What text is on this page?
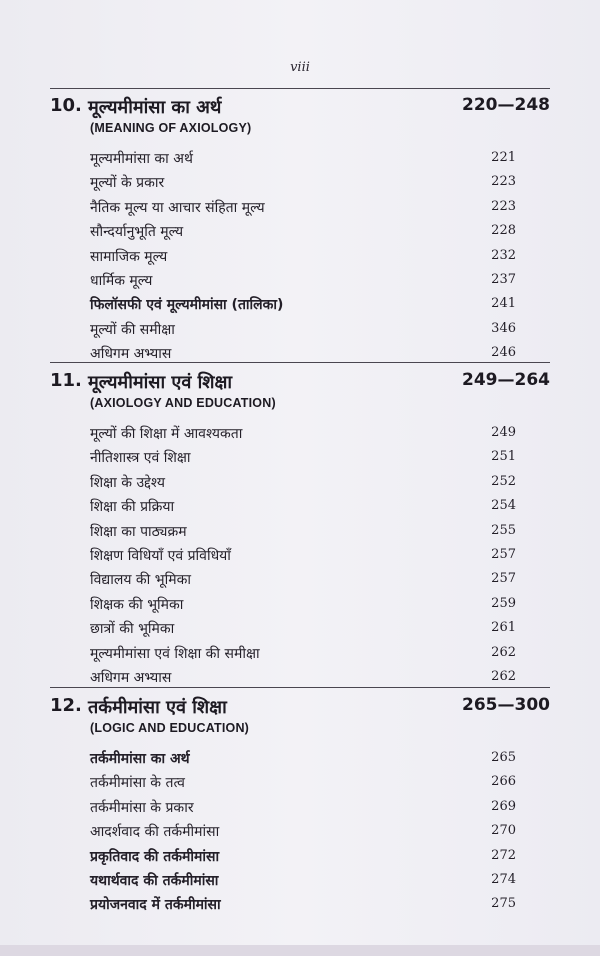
viii
10. मूल्यमीमांसा का अर्थ	220—248
(MEANING OF AXIOLOGY)
मूल्यमीमांसा का अर्थ	221
मूल्यों के प्रकार	223
नैतिक मूल्य या आचार संहिता मूल्य	223
सौन्दर्यानुभूति मूल्य	228
सामाजिक मूल्य	232
धार्मिक मूल्य	237
फिलॉसफी एवं मूल्यमीमांसा (तालिका)	241
मूल्यों की समीक्षा	346
अधिगम अभ्यास	246
11. मूल्यमीमांसा एवं शिक्षा	249—264
(AXIOLOGY AND EDUCATION)
मूल्यों की शिक्षा में आवश्यकता	249
नीतिशास्त्र एवं शिक्षा	251
शिक्षा के उद्देश्य	252
शिक्षा की प्रक्रिया	254
शिक्षा का पाठ्यक्रम	255
शिक्षण विधियाँ एवं प्रविधियाँ	257
विद्यालय की भूमिका	257
शिक्षक की भूमिका	259
छात्रों की भूमिका	261
मूल्यमीमांसा एवं शिक्षा की समीक्षा	262
अधिगम अभ्यास	262
12. तर्कमीमांसा एवं शिक्षा	265—300
(LOGIC AND EDUCATION)
तर्कमीमांसा का अर्थ	265
तर्कमीमांसा के तत्व	266
तर्कमीमांसा के प्रकार	269
आदर्शवाद की तर्कमीमांसा	270
प्रकृतिवाद की तर्कमीमांसा	272
यथार्थवाद की तर्कमीमांसा	274
प्रयोजनवाद में तर्कमीमांसा	275
